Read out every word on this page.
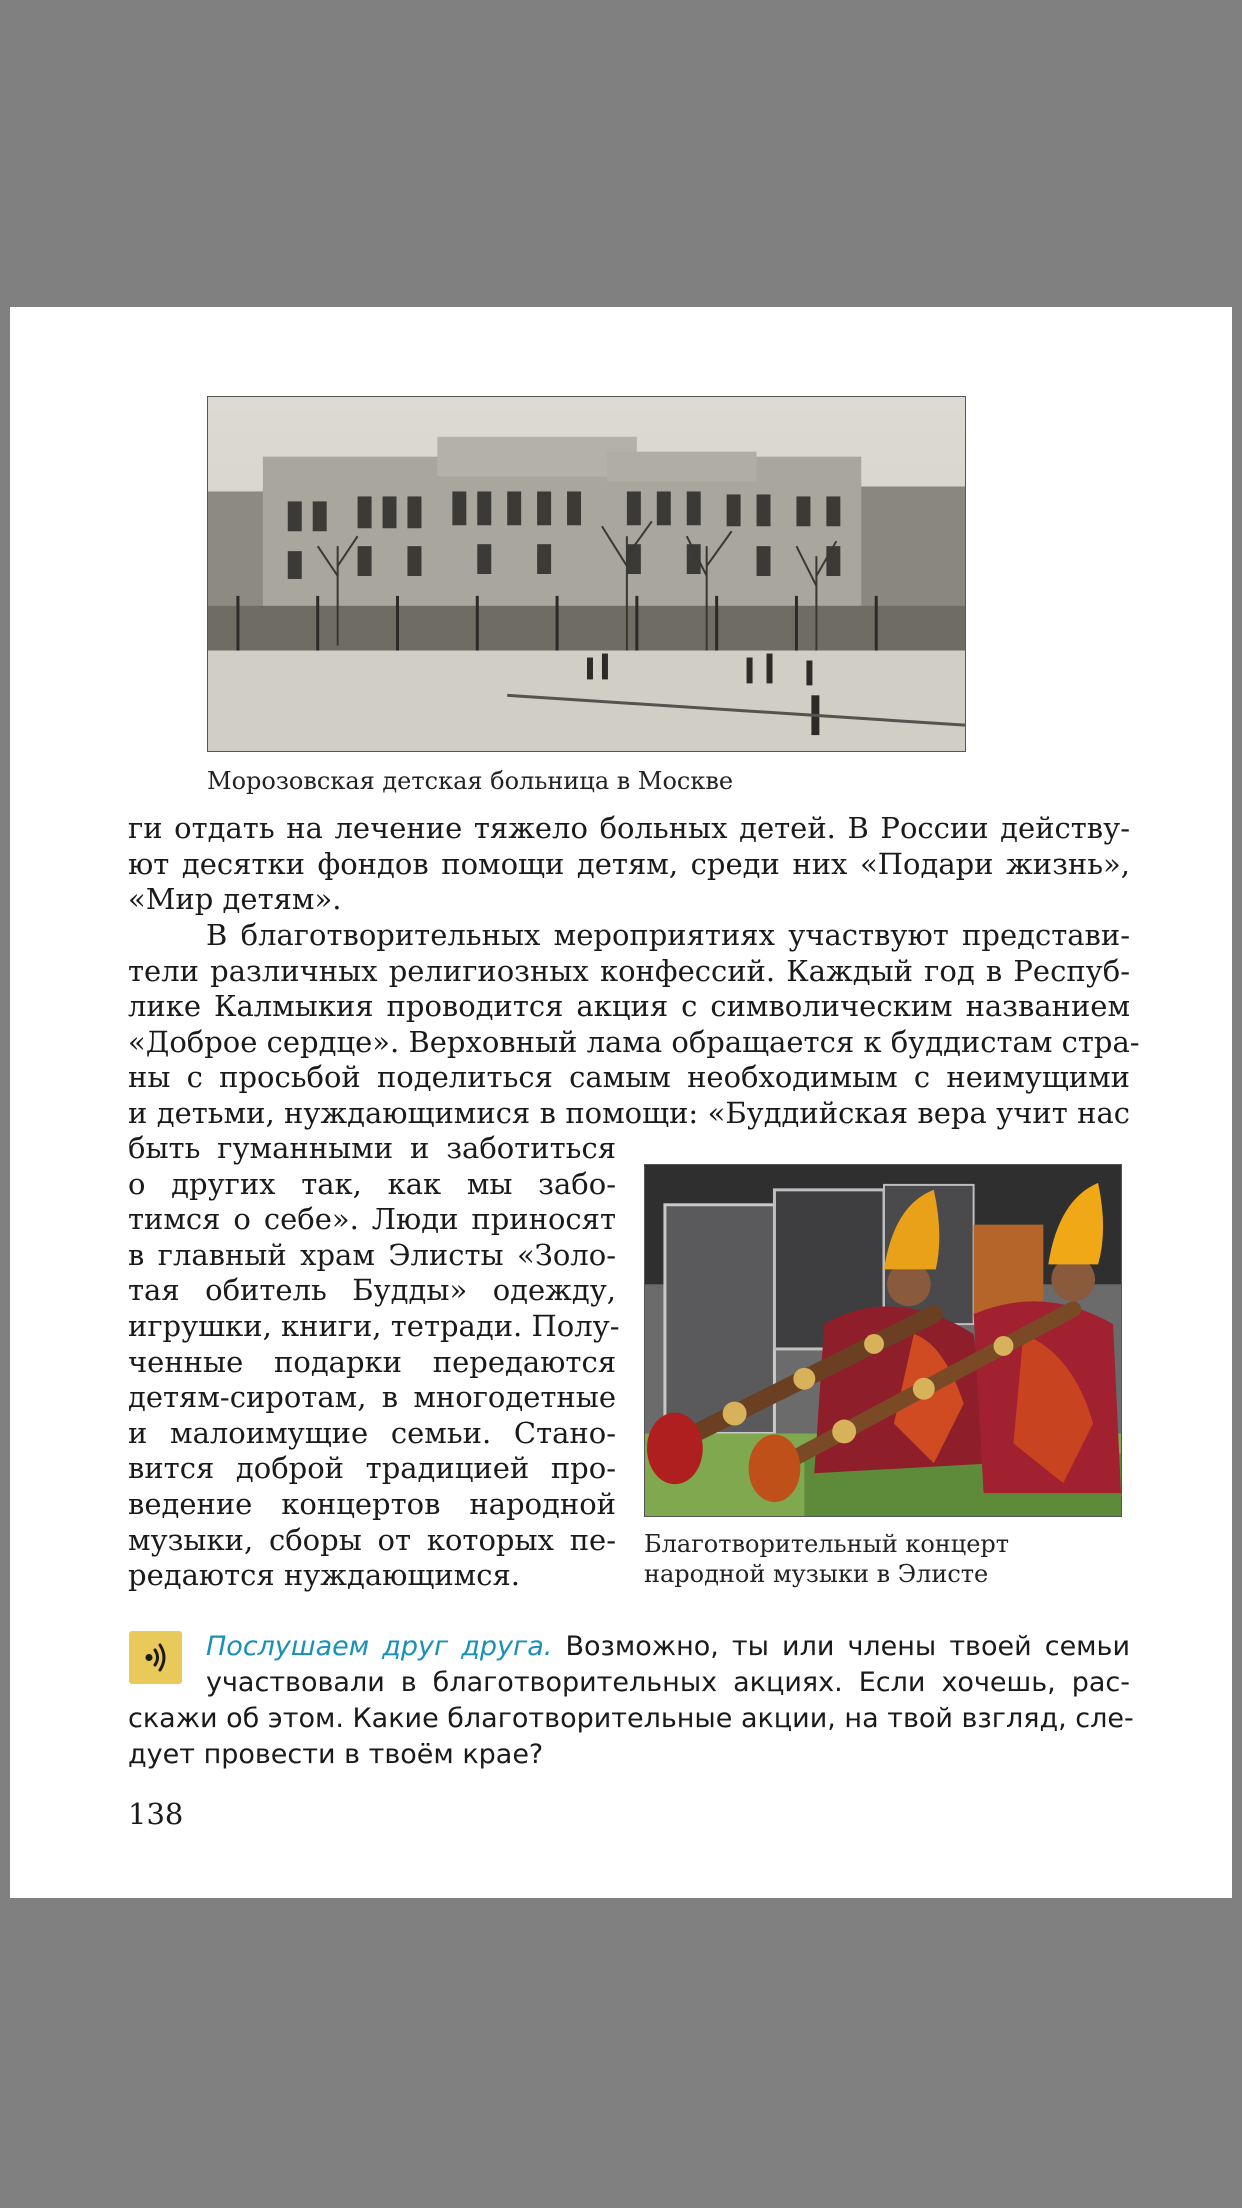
Морозовская детская больница в Москве
ги отдать на лечение тяжело больных детей. В России действу-
ют десятки фондов помощи детям, среди них «Подари жизнь»,
«Мир детям».
В благотворительных мероприятиях участвуют представи-
тели различных религиозных конфессий. Каждый год в Респуб-
лике Калмыкия проводится акция с символическим названием
«Доброе сердце». Верховный лама обращается к буддистам стра-
ны с просьбой поделиться самым необходимым с неимущими
и детьми, нуждающимися в помощи: «Буддийская вера учит нас
быть гуманными и заботиться
о других так, как мы забо-
тимся о себе». Люди приносят
в главный храм Элисты «Золо-
тая обитель Будды» одежду,
игрушки, книги, тетради. Полу-
ченные подарки передаются
детям-сиротам, в многодетные
и малоимущие семьи. Стано-
вится доброй традицией про-
ведение концертов народной
музыки, сборы от которых пе-
редаются нуждающимся.
Благотворительный концерт
народной музыки в Элисте
Послушаем друг друга. Возможно, ты или члены твоей семьи
участвовали в благотворительных акциях. Если хочешь, рас-
скажи об этом. Какие благотворительные акции, на твой взгляд, сле-
дует провести в твоём крае?
138
